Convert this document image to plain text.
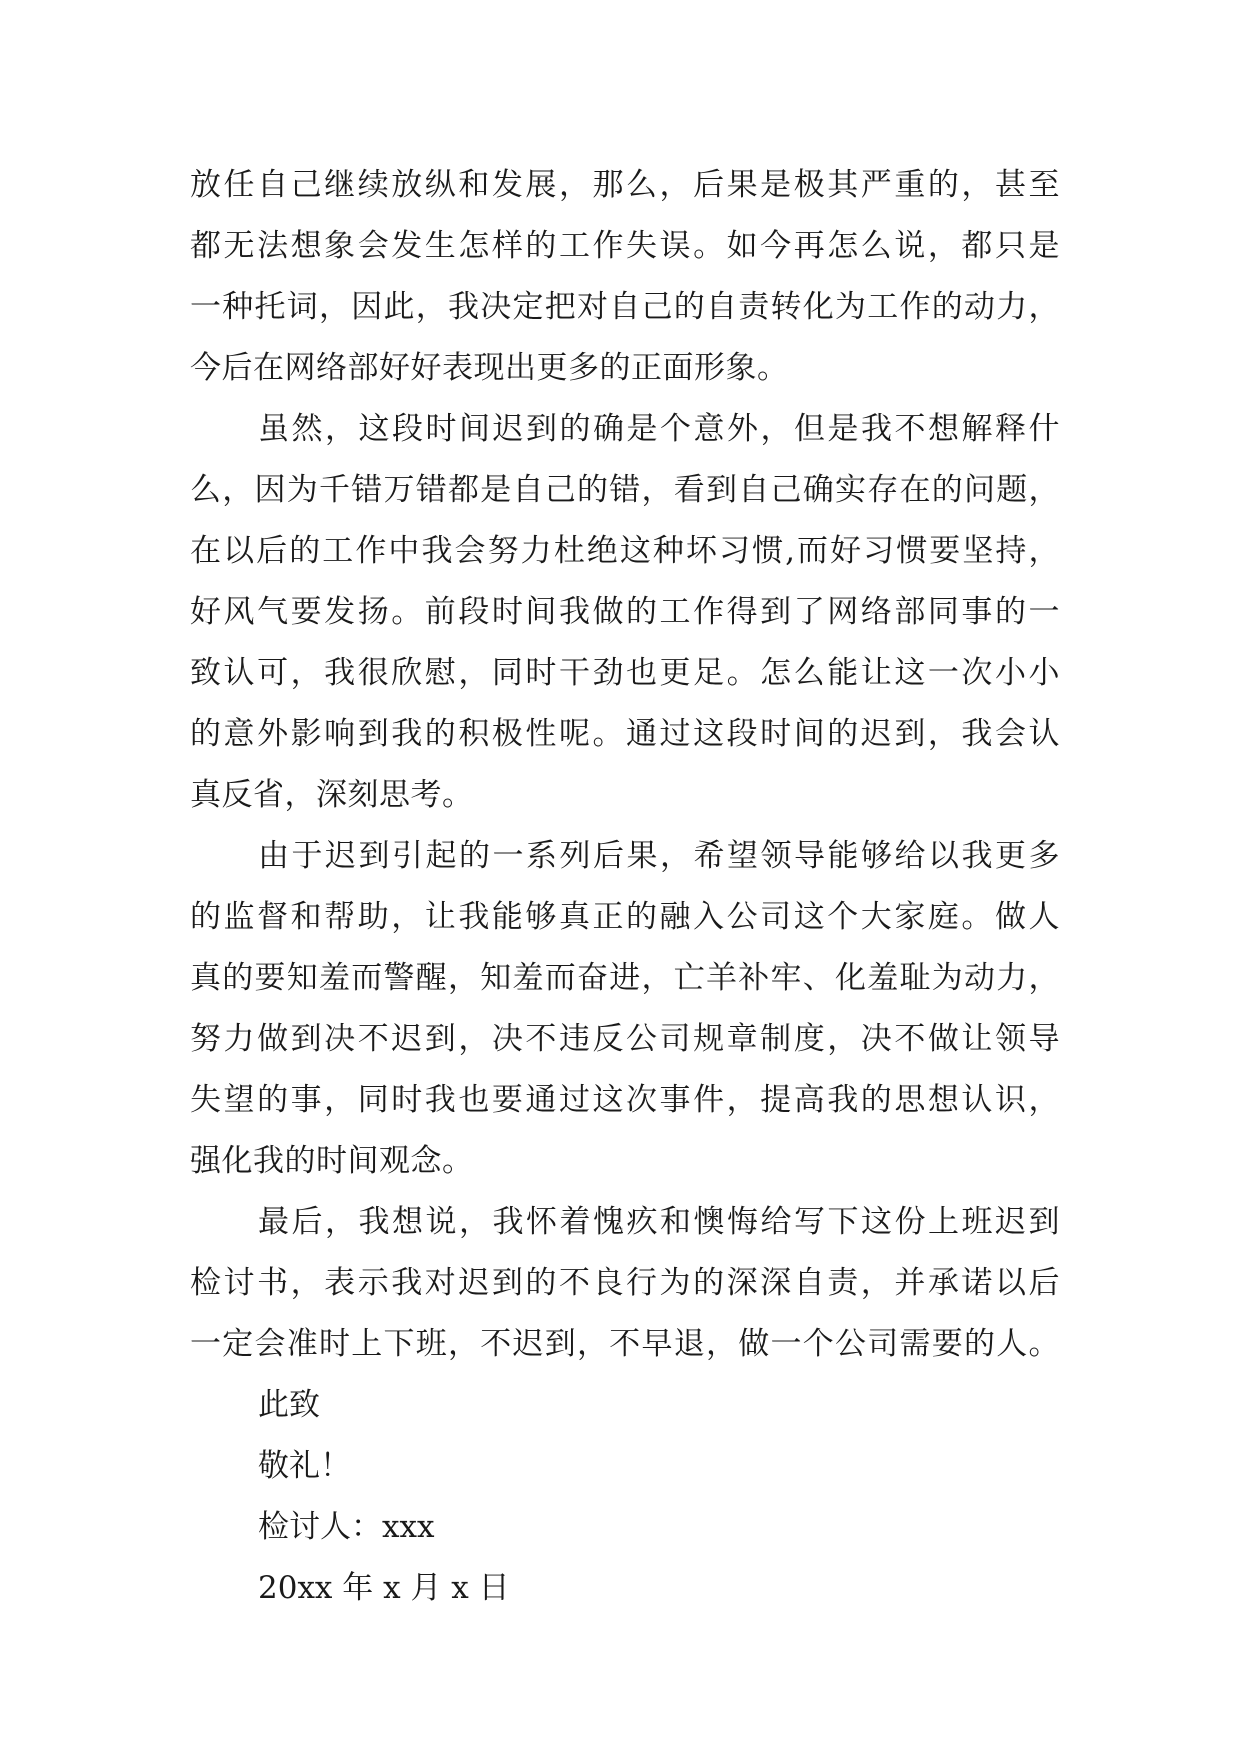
放任自己继续放纵和发展，那么，后果是极其严重的，甚至
都无法想象会发生怎样的工作失误。如今再怎么说，都只是
一种托词，因此，我决定把对自己的自责转化为工作的动力，
今后在网络部好好表现出更多的正面形象。
虽然，这段时间迟到的确是个意外，但是我不想解释什
么，因为千错万错都是自己的错，看到自己确实存在的问题，
在以后的工作中我会努力杜绝这种坏习惯,而好习惯要坚持，
好风气要发扬。前段时间我做的工作得到了网络部同事的一
致认可，我很欣慰，同时干劲也更足。怎么能让这一次小小
的意外影响到我的积极性呢。通过这段时间的迟到，我会认
真反省，深刻思考。
由于迟到引起的一系列后果，希望领导能够给以我更多
的监督和帮助，让我能够真正的融入公司这个大家庭。做人
真的要知羞而警醒，知羞而奋进，亡羊补牢、化羞耻为动力，
努力做到决不迟到，决不违反公司规章制度，决不做让领导
失望的事，同时我也要通过这次事件，提高我的思想认识，
强化我的时间观念。
最后，我想说，我怀着愧疚和懊悔给写下这份上班迟到
检讨书，表示我对迟到的不良行为的深深自责，并承诺以后
一定会准时上下班，不迟到，不早退，做一个公司需要的人。
此致
敬礼！
检讨人：xxx
20xx 年 x 月 x 日
